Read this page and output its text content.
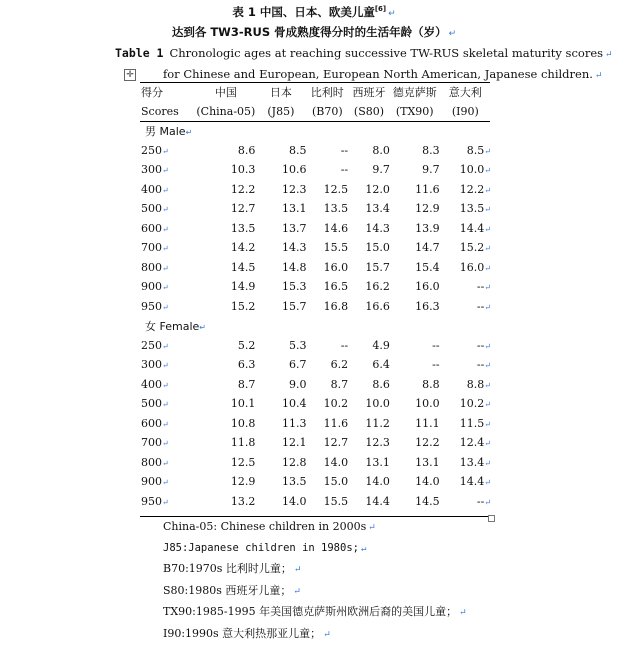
表 1 中国、日本、欧美儿童[6] ↵
达到各 TW3-RUS 骨成熟度得分时的生活年龄（岁） ↵
Table 1 Chronologic ages at reaching successive TW-RUS skeletal maturity scores ↵
for Chinese and European, European North American, Japanese children. ↵
✛
得分	中国	日本	比利时	西班牙	德克萨斯	意大利
Scores	(China-05)	(J85)	(B70)	(S80)	(TX90)	(I90)
男 Male↵						
250↵	8.6	8.5	--	8.0	8.3	8.5↵
300↵	10.3	10.6	--	9.7	9.7	10.0↵
400↵	12.2	12.3	12.5	12.0	11.6	12.2↵
500↵	12.7	13.1	13.5	13.4	12.9	13.5↵
600↵	13.5	13.7	14.6	14.3	13.9	14.4↵
700↵	14.2	14.3	15.5	15.0	14.7	15.2↵
800↵	14.5	14.8	16.0	15.7	15.4	16.0↵
900↵	14.9	15.3	16.5	16.2	16.0	--↵
950↵	15.2	15.7	16.8	16.6	16.3	--↵
女 Female↵						
250↵	5.2	5.3	--	4.9	--	--↵
300↵	6.3	6.7	6.2	6.4	--	--↵
400↵	8.7	9.0	8.7	8.6	8.8	8.8↵
500↵	10.1	10.4	10.2	10.0	10.0	10.2↵
600↵	10.8	11.3	11.6	11.2	11.1	11.5↵
700↵	11.8	12.1	12.7	12.3	12.2	12.4↵
800↵	12.5	12.8	14.0	13.1	13.1	13.4↵
900↵	12.9	13.5	15.0	14.0	14.0	14.4↵
950↵	13.2	14.0	15.5	14.4	14.5	--↵
China-05: Chinese children in 2000s ↵
J85:Japanese children in 1980s; ↵
B70:1970s 比利时儿童； ↵
S80:1980s 西班牙儿童； ↵
TX90:1985-1995 年美国德克萨斯州欧洲后裔的美国儿童； ↵
I90:1990s 意大利热那亚儿童； ↵
